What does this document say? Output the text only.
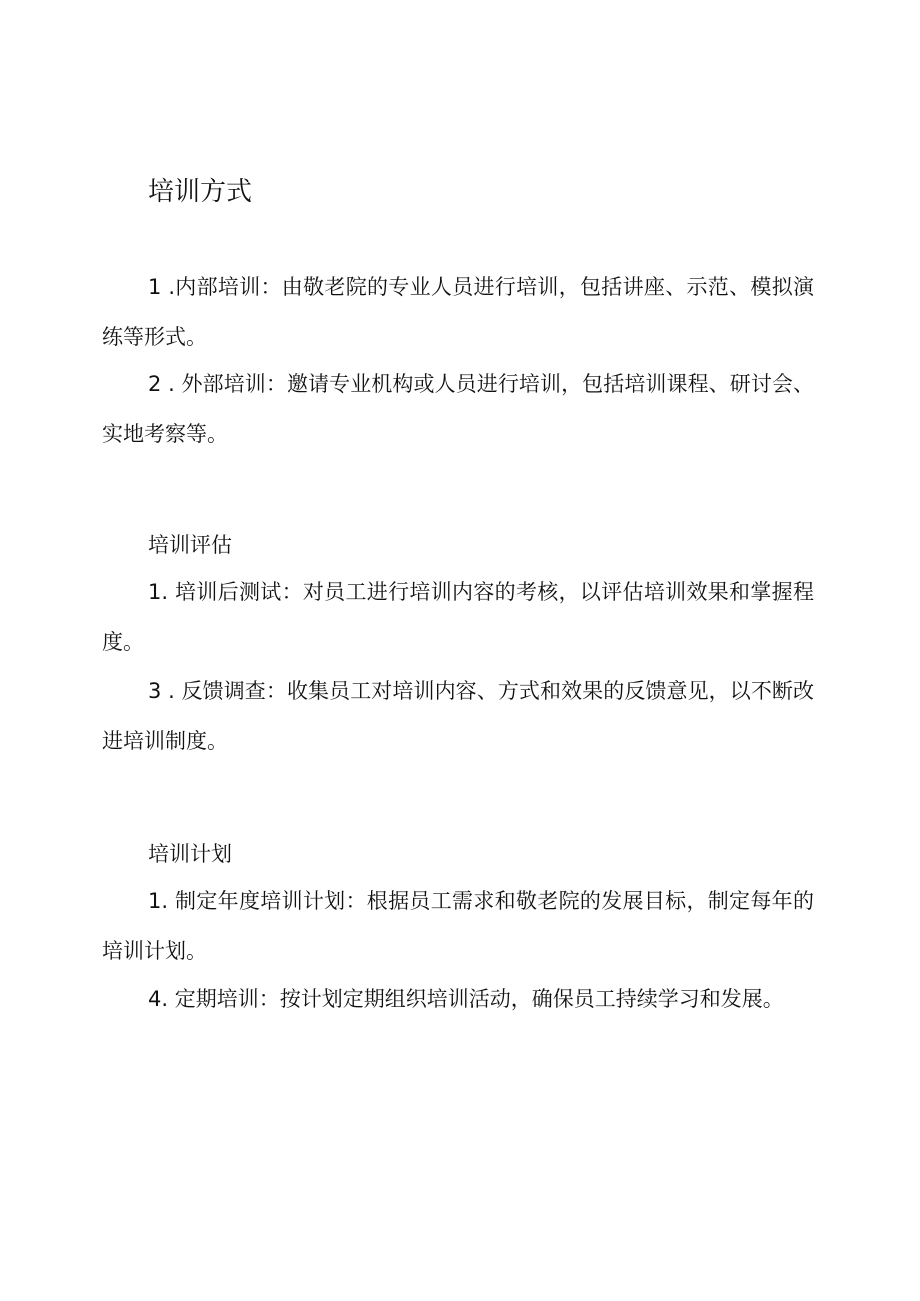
培训方式
1 .内部培训：由敬老院的专业人员进行培训，包括讲座、示范、模拟演练等形式。
2 . 外部培训：邀请专业机构或人员进行培训，包括培训课程、研讨会、实地考察等。
培训评估
1. 培训后测试：对员工进行培训内容的考核，以评估培训效果和掌握程度。
3 . 反馈调查：收集员工对培训内容、方式和效果的反馈意见，以不断改进培训制度。
培训计划
1. 制定年度培训计划：根据员工需求和敬老院的发展目标，制定每年的培训计划。
4. 定期培训：按计划定期组织培训活动，确保员工持续学习和发展。
